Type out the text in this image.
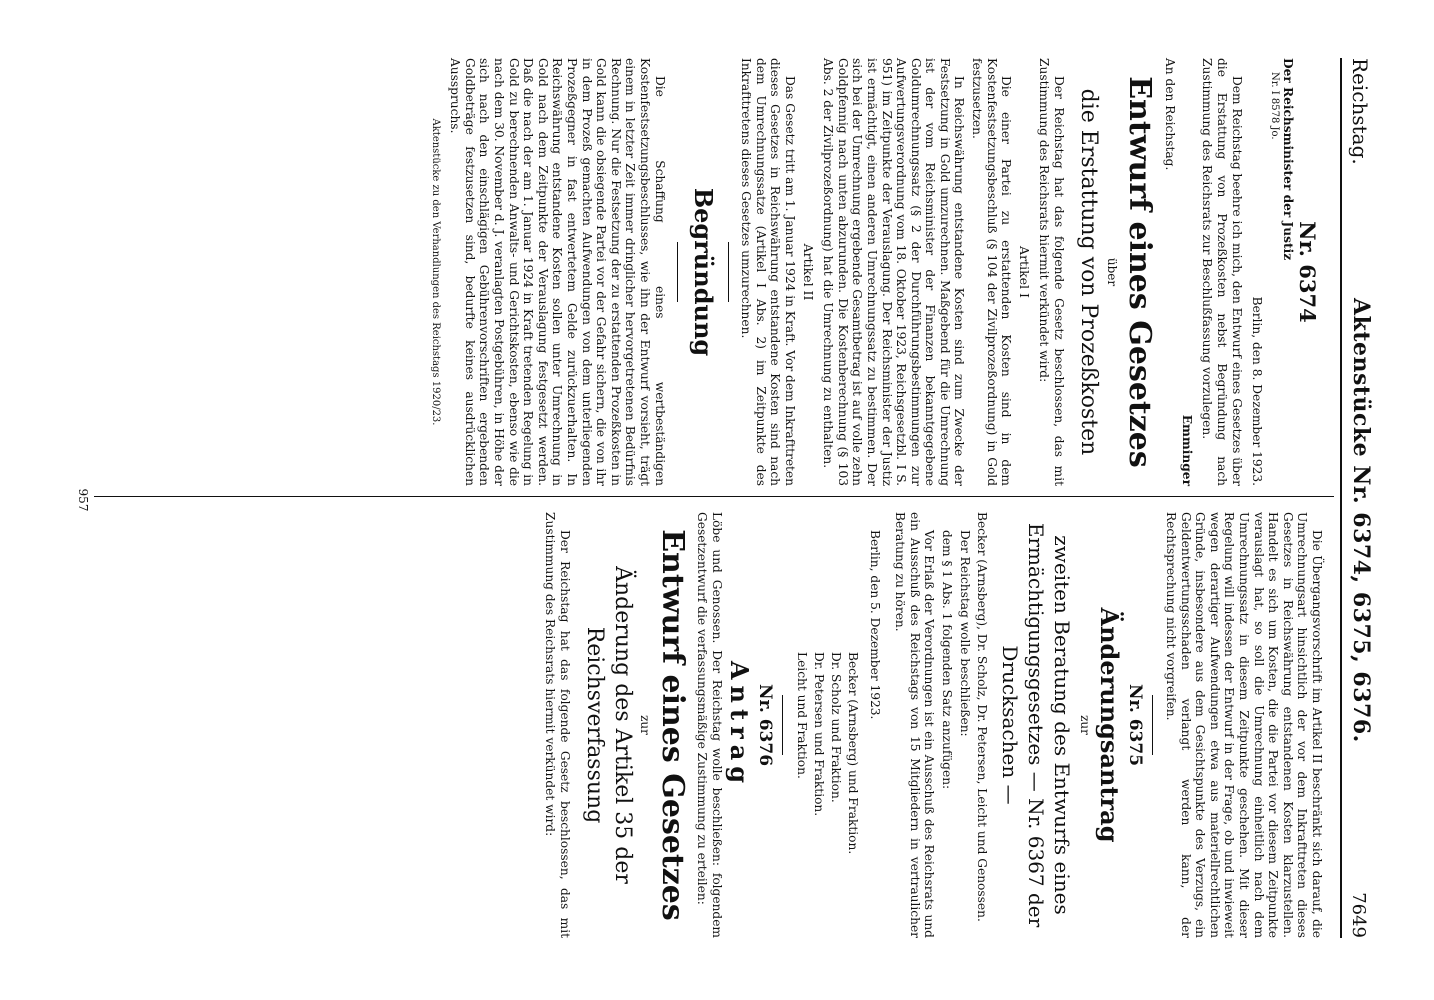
Reichstag.
Aktenstücke Nr. 6374, 6375, 6376.
7649
Nr. 6374
Der Reichsminister der Justiz
Nr. I 8578 Jo.
Berlin, den 8. Dezember 1923.

Dem Reichstag beehre ich mich, den Entwurf eines Gesetzes über die Erstattung von Prozeßkosten nebst Begründung nach Zustimmung des Reichsrats zur Beschlußfassung vorzulegen.

Emminger
An den Reichstag.
Entwurf eines Gesetzes
über
die Erstattung von Prozeßkosten

Der Reichstag hat das folgende Gesetz beschlossen, das mit Zustimmung des Reichsrats hiermit verkündet wird:

Artikel I

Die einer Partei zu erstattenden Kosten sind in dem Kostenfestsetzungsbeschluß (§ 104 der Zivilprozeßordnung) in Gold festzusetzen.

In Reichswährung entstandene Kosten sind zum Zwecke der Festsetzung in Gold umzurechnen. Maßgebend für die Umrechnung ist der vom Reichsminister der Finanzen bekanntgegebene Goldumrechnungssatz (§ 2 der Durchführungsbestimmungen zur Aufwertungsverordnung vom 18. Oktober 1923, Reichsgesetzbl. I S. 951) im Zeitpunkte der Verauslagung. Der Reichsminister der Justiz ist ermächtigt, einen anderen Umrechnungssatz zu bestimmen. Der sich bei der Umrechnung ergebende Gesamtbetrag ist auf volle zehn Goldpfennig nach unten abzurunden. Die Kostenberechnung (§ 103 Abs. 2 der Zivilprozeßordnung) hat die Umrechnung zu enthalten.

Artikel II

Das Gesetz tritt am 1. Januar 1924 in Kraft. Vor dem Inkrafttreten dieses Gesetzes in Reichswährung entstandene Kosten sind nach dem Umrechnungssatze (Artikel I Abs. 2) im Zeitpunkte des Inkrafttretens dieses Gesetzes umzurechnen.

Begründung

Die Schaffung eines wertbeständigen Kostenfestsetzungsbeschlusses, wie ihn der Entwurf vorsieht, trägt einem in letzter Zeit immer dringlicher hervorgetretenen Bedürfnis Rechnung. Nur die Festsetzung der zu erstattenden Prozeßkosten in Gold kann die obsiegende Partei vor der Gefahr sichern, die von ihr in dem Prozeß gemachten Aufwendungen von dem unterliegenden Prozeßgegner in fast entwertetem Gelde zurückzuerhalten. In Reichswährung entstandene Kosten sollen unter Umrechnung in Gold nach dem Zeitpunkte der Verauslagung festgesetzt werden. Daß die nach der am 1. Januar 1924 in Kraft tretenden Regelung in Gold zu berechnenden Anwalts- und Gerichtskosten, ebenso wie die nach dem 30. November d. J. veranlagten Postgebühren, in Höhe der sich nach den einschlägigen Gebührenvorschriften ergebenden Goldbeträge festzusetzen sind, bedurfte keines ausdrücklichen Ausspruchs.

Aktenstücke zu den Verhandlungen des Reichstags 1920/23.

Die Übergangsvorschrift im Artikel II beschränkt sich darauf, die Umrechnungsart hinsichtlich der vor dem Inkrafttreten dieses Gesetzes in Reichswährung entstandenen Kosten klarzustellen. Handelt es sich um Kosten, die die Partei vor diesem Zeitpunkte verauslagt hat, so soll die Umrechnung einheitlich nach dem Umrechnungssatz in diesem Zeitpunkte geschehen. Mit dieser Regelung will indessen der Entwurf in der Frage, ob und inwieweit wegen derartiger Aufwendungen etwa aus materiellrechtlichen Gründe, insbesondere aus dem Gesichtspunkte des Verzugs, ein Geldentwertungsschaden verlangt werden kann, der Rechtsprechung nicht vorgreifen.

Nr. 6375
Änderungsantrag
zur
zweiten Beratung des Entwurfs eines Ermächtigungsgesetzes — Nr. 6367 der Drucksachen —

Becker (Arnsberg), Dr. Scholz, Dr. Petersen, Leicht und Genossen.

Der Reichstag wolle beschließen:

dem § 1 Abs. 1 folgenden Satz anzufügen:

Vor Erlaß der Verordnungen ist ein Ausschuß des Reichsrats und ein Ausschuß des Reichstags von 15 Mitgliedern in vertraulicher Beratung zu hören.

Berlin, den 5. Dezember 1923.

Becker (Arnsberg) und Fraktion.
Dr. Scholz und Fraktion.
Dr. Petersen und Fraktion.
Leicht und Fraktion.
Nr. 6376
Antrag

Löbe und Genossen. Der Reichstag wolle beschließen: folgendem Gesetzentwurf die verfassungsmäßige Zustimmung zu erteilen:

Entwurf eines Gesetzes
zur
Änderung des Artikel 35 der Reichsverfassung

Der Reichstag hat das folgende Gesetz beschlossen, das mit Zustimmung des Reichsrats hiermit verkündet wird:

957
